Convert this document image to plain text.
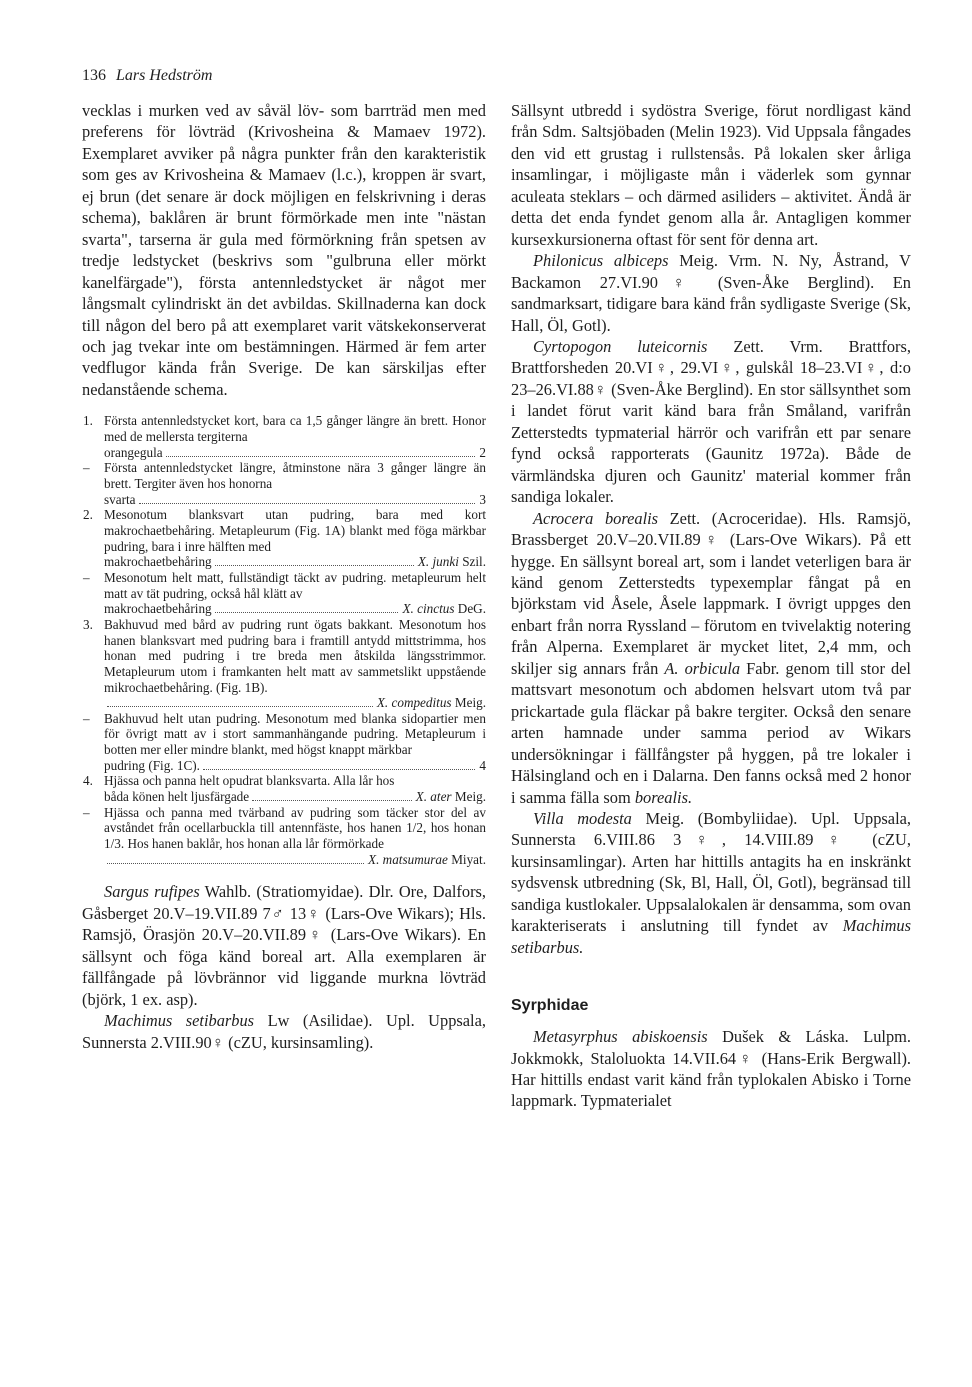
136 Lars Hedström

vecklas i murken ved av såväl löv- som barrträd men med preferens för lövträd (Krivosheina & Mamaev 1972). Exemplaret avviker på några punkter från den karakteristik som ges av Krivosheina & Mamaev (l.c.), kroppen är svart, ej brun (det senare är dock möjligen en felskrivning i deras schema), baklåren är brunt förmörkade men inte "nästan svarta", tarserna är gula med förmörkning från spetsen av tredje ledstycket (beskrivs som "gulbruna eller mörkt kanelfärgade"), första antennledstycket är något mer långsmalt cylindriskt än det avbildas. Skillnaderna kan dock till någon del bero på att exemplaret varit vätskekonserverat och jag tvekar inte om bestämningen. Härmed är fem arter vedflugor kända från Sverige. De kan särskiljas efter nedanstående schema.

1. Första antennledstycket kort, bara ca 1,5 gånger längre än brett. Honor med de mellersta tergiterna
orangegula	2
– Första antennledstycket längre, åtminstone nära 3 gånger längre än brett. Tergiter även hos honorna
svarta	3
2. Mesonotum blanksvart utan pudring, bara med kort makrochaetbehåring. Metapleurum (Fig. 1A) blankt med föga märkbar pudring, bara i inre hälften med
makrochaetbehåring	X. junki Szil.
– Mesonotum helt matt, fullständigt täckt av pudring. metapleurum helt matt av tät pudring, också hål klätt av
makrochaetbehåring	X. cinctus DeG.
3. Bakhuvud med bård av pudring runt ögats bakkant. Mesonotum hos hanen blanksvart med pudring bara i framtill antydd mittstrimma, hos honan med pudring i tre breda men åtskilda längsstrimmor. Metapleurum utom i framkanten helt matt av sammetslikt uppstående mikrochaetbehåring. (Fig. 1B).
X. compeditus Meig.
– Bakhuvud helt utan pudring. Mesonotum med blanka sidopartier men för övrigt matt av i stort sammanhängande pudring. Metapleurum i botten mer eller mindre blankt, med högst knappt märkbar
pudring (Fig. 1C).	4
4. Hjässa och panna helt opudrat blanksvarta. Alla lår hos
båda könen helt ljusfärgade	X. ater Meig.
– Hjässa och panna med tvärband av pudring som täcker stor del av avståndet från ocellarbuckla till antennfäste, hos hanen 1/2, hos honan 1/3. Hos hanen baklår, hos honan alla lår förmörkade
X. matsumurae Miyat.

Sargus rufipes Wahlb. (Stratiomyidae). Dlr. Ore, Dalfors, Gåsberget 20.V–19.VII.89 7♂ 13♀ (Lars-Ove Wikars); Hls. Ramsjö, Örasjön 20.V–20.VII.89♀ (Lars-Ove Wikars). En sällsynt och föga känd boreal art. Alla exemplaren är fällfångade på lövbrännor vid liggande murkna lövträd (björk, 1 ex. asp).

Machimus setibarbus Lw (Asilidae). Upl. Uppsala, Sunnersta 2.VIII.90♀ (cZU, kursinsamling).

Sällsynt utbredd i sydöstra Sverige, förut nordligast känd från Sdm. Saltsjöbaden (Melin 1923). Vid Uppsala fångades den vid ett grustag i rullstensås. På lokalen sker årliga insamlingar, i möjligaste mån i väderlek som gynnar aculeata steklars – och därmed asiliders – aktivitet. Ändå är detta det enda fyndet genom alla år. Antagligen kommer kursexkursionerna oftast för sent för denna art.

Philonicus albiceps Meig. Vrm. N. Ny, Åstrand, V Backamon 27.VI.90♀ (Sven-Åke Berglind). En sandmarksart, tidigare bara känd från sydligaste Sverige (Sk, Hall, Öl, Gotl).

Cyrtopogon luteicornis Zett. Vrm. Brattfors, Brattforsheden 20.VI♀, 29.VI♀, gulskål 18–23.VI♀, d:o 23–26.VI.88♀ (Sven-Åke Berglind). En stor sällsynthet som i landet förut varit känd bara från Småland, varifrån Zetterstedts typmaterial härrör och varifrån ett par senare fynd också rapporterats (Gaunitz 1972a). Både de värmländska djuren och Gaunitz' material kommer från sandiga lokaler.

Acrocera borealis Zett. (Acroceridae). Hls. Ramsjö, Brassberget 20.V–20.VII.89♀ (Lars-Ove Wikars). På ett hygge. En sällsynt boreal art, som i landet veterligen bara är känd genom Zetterstedts typexemplar fångat på en björkstam vid Åsele, Åsele lappmark. I övrigt uppges den enbart från norra Ryssland – förutom en tvivelaktig notering från Alperna. Exemplaret är mycket litet, 2,4 mm, och skiljer sig annars från A. orbicula Fabr. genom till stor del mattsvart mesonotum och abdomen helsvart utom två par prickartade gula fläckar på bakre tergiter. Också den senare arten hamnade under samma period av Wikars undersökningar i fällfångster på hyggen, på tre lokaler i Hälsingland och en i Dalarna. Den fanns också med 2 honor i samma fälla som borealis.

Villa modesta Meig. (Bombyliidae). Upl. Uppsala, Sunnersta 6.VIII.86 3♀, 14.VIII.89♀ (cZU, kursinsamlingar). Arten har hittills antagits ha en inskränkt sydsvensk utbredning (Sk, Bl, Hall, Öl, Gotl), begränsad till sandiga kustlokaler. Uppsalalokalen är densamma, som ovan karakteriserats i anslutning till fyndet av Machimus setibarbus.

Syrphidae

Metasyrphus abiskoensis Dušek & Láska. Lulpm. Jokkmokk, Staloluokta 14.VII.64♀ (Hans-Erik Bergwall). Har hittills endast varit känd från typlokalen Abisko i Torne lappmark. Typmaterialet
